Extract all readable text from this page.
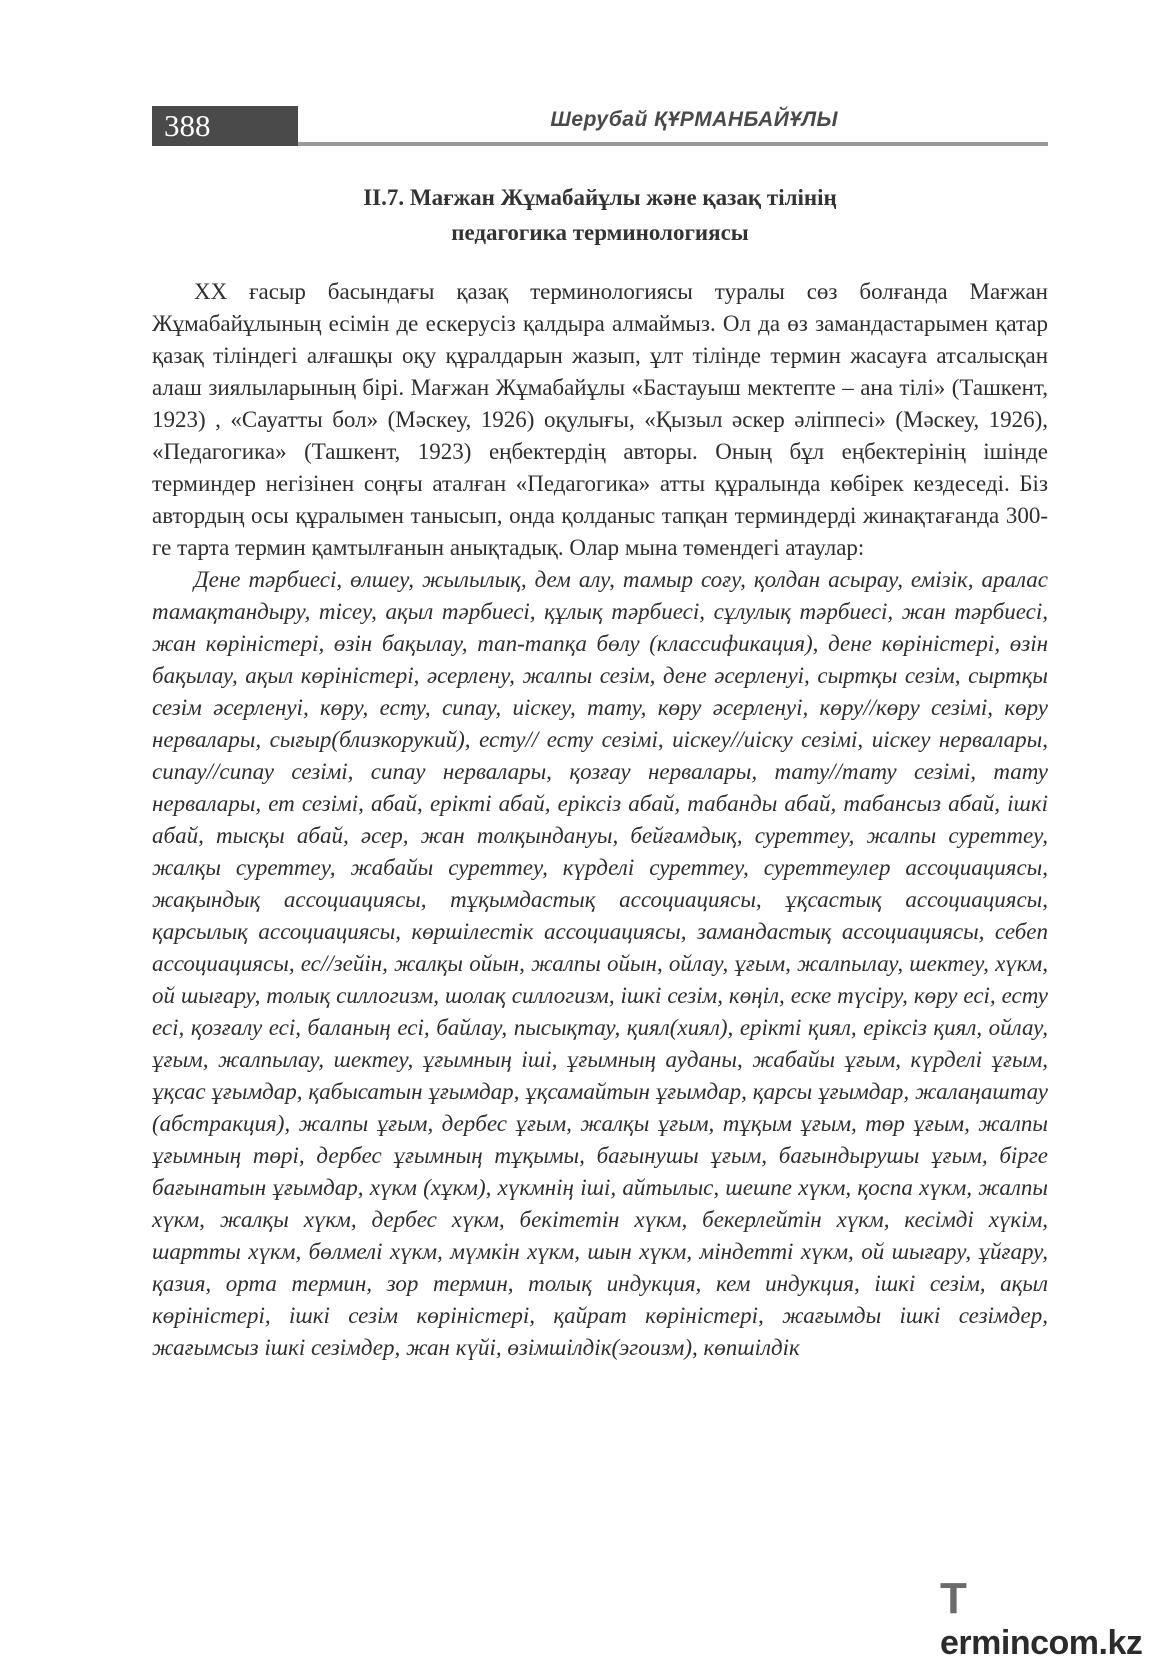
388	Шерубай ҚҰРМАНБАЙҰЛЫ
ІІ.7. Мағжан Жұмабайұлы және қазақ тілінің
педагогика терминологиясы

XX ғасыр басындағы қазақ терминологиясы туралы сөз болғанда Мағжан Жұмабайұлының есімін де ескерусіз қалдыра алмаймыз. Ол да өз замандастарымен қатар қазақ тіліндегі алғашқы оқу құралдарын жазып, ұлт тілінде термин жасауға атсалысқан алаш зиялыларының бірі. Мағжан Жұмабайұлы «Бастауыш мектепте – ана тілі» (Ташкент, 1923) , «Сауатты бол» (Мәскеу, 1926) оқулығы, «Қызыл әскер әліппесі» (Мәскеу, 1926), «Педагогика» (Ташкент, 1923) еңбектердің авторы. Оның бұл еңбектерінің ішінде терминдер негізінен соңғы аталған «Педагогика» атты құралында көбірек кездеседі. Біз автордың осы құралымен танысып, онда қолданыс тапқан терминдерді жинақтағанда 300-ге тарта термин қамтылғанын анықтадық. Олар мына төмендегі атаулар:

Дене тәрбиесі, өлшеу, жылылық, дем алу, тамыр соғу, қолдан асырау, емізік, аралас тамақтандыру, тісеу, ақыл тәрбиесі, құлық тәрбиесі, сұлулық тәрбиесі, жан тәрбиесі, жан көріністері, өзін бақылау, тап-тапқа бөлу (классификация), дене көріністері, өзін бақылау, ақыл көріністері, әсерлену, жалпы сезім, дене әсерленуі, сыртқы сезім, сыртқы сезім әсерленуі, көру, есту, сипау, иіскеу, тату, көру әсерленуі, көру//көру сезімі, көру нервалары, сығыр(близкорукий), есту// есту сезімі, иіскеу//иіску сезімі, иіскеу нервалары, сипау//сипау сезімі, сипау нервалары, қозғау нервалары, тату//тату сезімі, тату нервалары, ет сезімі, абай, ерікті абай, еріксіз абай, табанды абай, табансыз абай, ішкі абай, тысқы абай, әсер, жан толқындануы, бейғамдық, суреттеу, жалпы суреттеу, жалқы суреттеу, жабайы суреттеу, күрделі суреттеу, суреттеулер ассоциациясы, жақындық ассоциациясы, тұқымдастық ассоциациясы, ұқсастық ассоциациясы, қарсылық ассоциациясы, көршілестік ассоциациясы, замандастық ассоциациясы, себеп ассоциациясы, ес//зейін, жалқы ойын, жалпы ойын, ойлау, ұғым, жалпылау, шектеу, хүкм, ой шығару, толық силлогизм, шолақ силлогизм, ішкі сезім, көңіл, еске түсіру, көру есі, есту есі, қозғалу есі, баланың есі, байлау, пысықтау, қиял(хиял), ерікті қиял, еріксіз қиял, ойлау, ұғым, жалпылау, шектеу, ұғымның іші, ұғымның ауданы, жабайы ұғым, күрделі ұғым, ұқсас ұғымдар, қабысатын ұғымдар, ұқсамайтын ұғымдар, қарсы ұғымдар, жалаңаштау (абстракция), жалпы ұғым, дербес ұғым, жалқы ұғым, тұқым ұғым, төр ұғым, жалпы ұғымның төрі, дербес ұғымның тұқымы, бағынушы ұғым, бағындырушы ұғым, бірге бағынатын ұғымдар, хүкм (хұкм), хүкмнің іші, айтылыс, шешпе хүкм, қоспа хүкм, жалпы хүкм, жалқы хүкм, дербес хүкм, бекітетін хүкм, бекерлейтін хүкм, кесімді хүкім, шартты хүкм, бөлмелі хүкм, мүмкін хүкм, шын хүкм, міндетті хүкм, ой шығару, ұйғару, қазия, орта термин, зор термин, толық индукция, кем индукция, ішкі сезім, ақыл көріністері, ішкі сезім көріністері, қайрат көріністері, жағымды ішкі сезімдер, жағымсыз ішкі сезімдер, жан күйі, өзімшілдік(эгоизм), көпшілдік

Termincom.kz
